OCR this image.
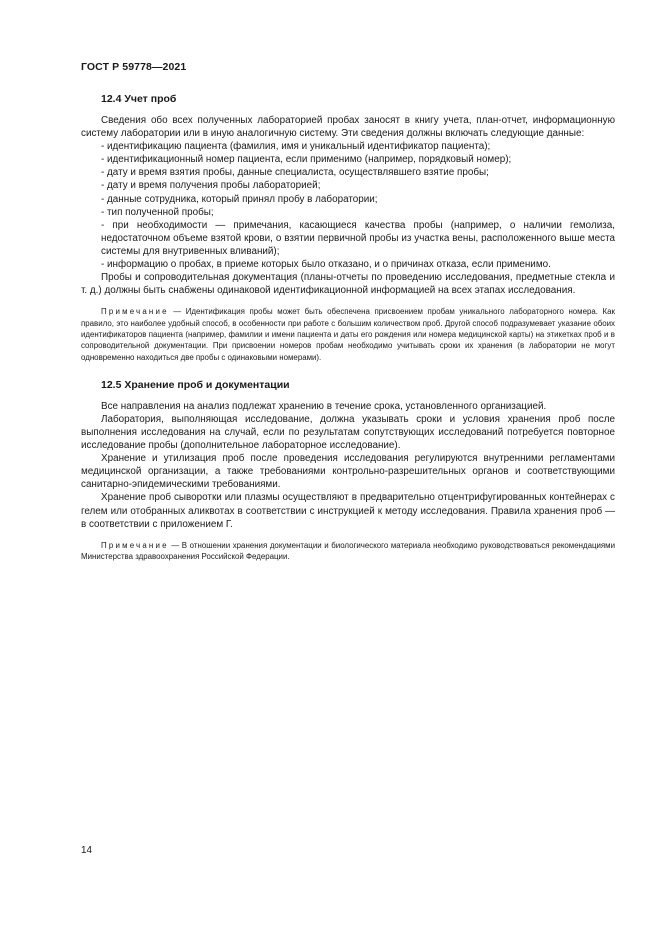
ГОСТ Р 59778—2021
12.4 Учет проб

Сведения обо всех полученных лабораторией пробах заносят в книгу учета, план-отчет, информационную систему лаборатории или в иную аналогичную систему. Эти сведения должны включать следующие данные:

- идентификацию пациента (фамилия, имя и уникальный идентификатор пациента);

- идентификационный номер пациента, если применимо (например, порядковый номер);

- дату и время взятия пробы, данные специалиста, осуществлявшего взятие пробы;

- дату и время получения пробы лабораторией;

- данные сотрудника, который принял пробу в лаборатории;

- тип полученной пробы;

- при необходимости — примечания, касающиеся качества пробы (например, о наличии гемолиза, недостаточном объеме взятой крови, о взятии первичной пробы из участка вены, расположенного выше места системы для внутривенных вливаний);

- информацию о пробах, в приеме которых было отказано, и о причинах отказа, если применимо.

Пробы и сопроводительная документация (планы-отчеты по проведению исследования, предметные стекла и т. д.) должны быть снабжены одинаковой идентификационной информацией на всех этапах исследования.

Примечание — Идентификация пробы может быть обеспечена присвоением пробам уникального лабораторного номера. Как правило, это наиболее удобный способ, в особенности при работе с большим количеством проб. Другой способ подразумевает указание обоих идентификаторов пациента (например, фамилии и имени пациента и даты его рождения или номера медицинской карты) на этикетках проб и в сопроводительной документации. При присвоении номеров пробам необходимо учитывать сроки их хранения (в лаборатории не могут одновременно находиться две пробы с одинаковыми номерами).

12.5 Хранение проб и документации

Все направления на анализ подлежат хранению в течение срока, установленного организацией.

Лаборатория, выполняющая исследование, должна указывать сроки и условия хранения проб после выполнения исследования на случай, если по результатам сопутствующих исследований потребуется повторное исследование пробы (дополнительное лабораторное исследование).

Хранение и утилизация проб после проведения исследования регулируются внутренними регламентами медицинской организации, а также требованиями контрольно-разрешительных органов и соответствующими санитарно-эпидемическими требованиями.

Хранение проб сыворотки или плазмы осуществляют в предварительно отцентрифугированных контейнерах с гелем или отобранных аликвотах в соответствии с инструкцией к методу исследования. Правила хранения проб — в соответствии с приложением Г.

Примечание — В отношении хранения документации и биологического материала необходимо руководствоваться рекомендациями Министерства здравоохранения Российской Федерации.

14
